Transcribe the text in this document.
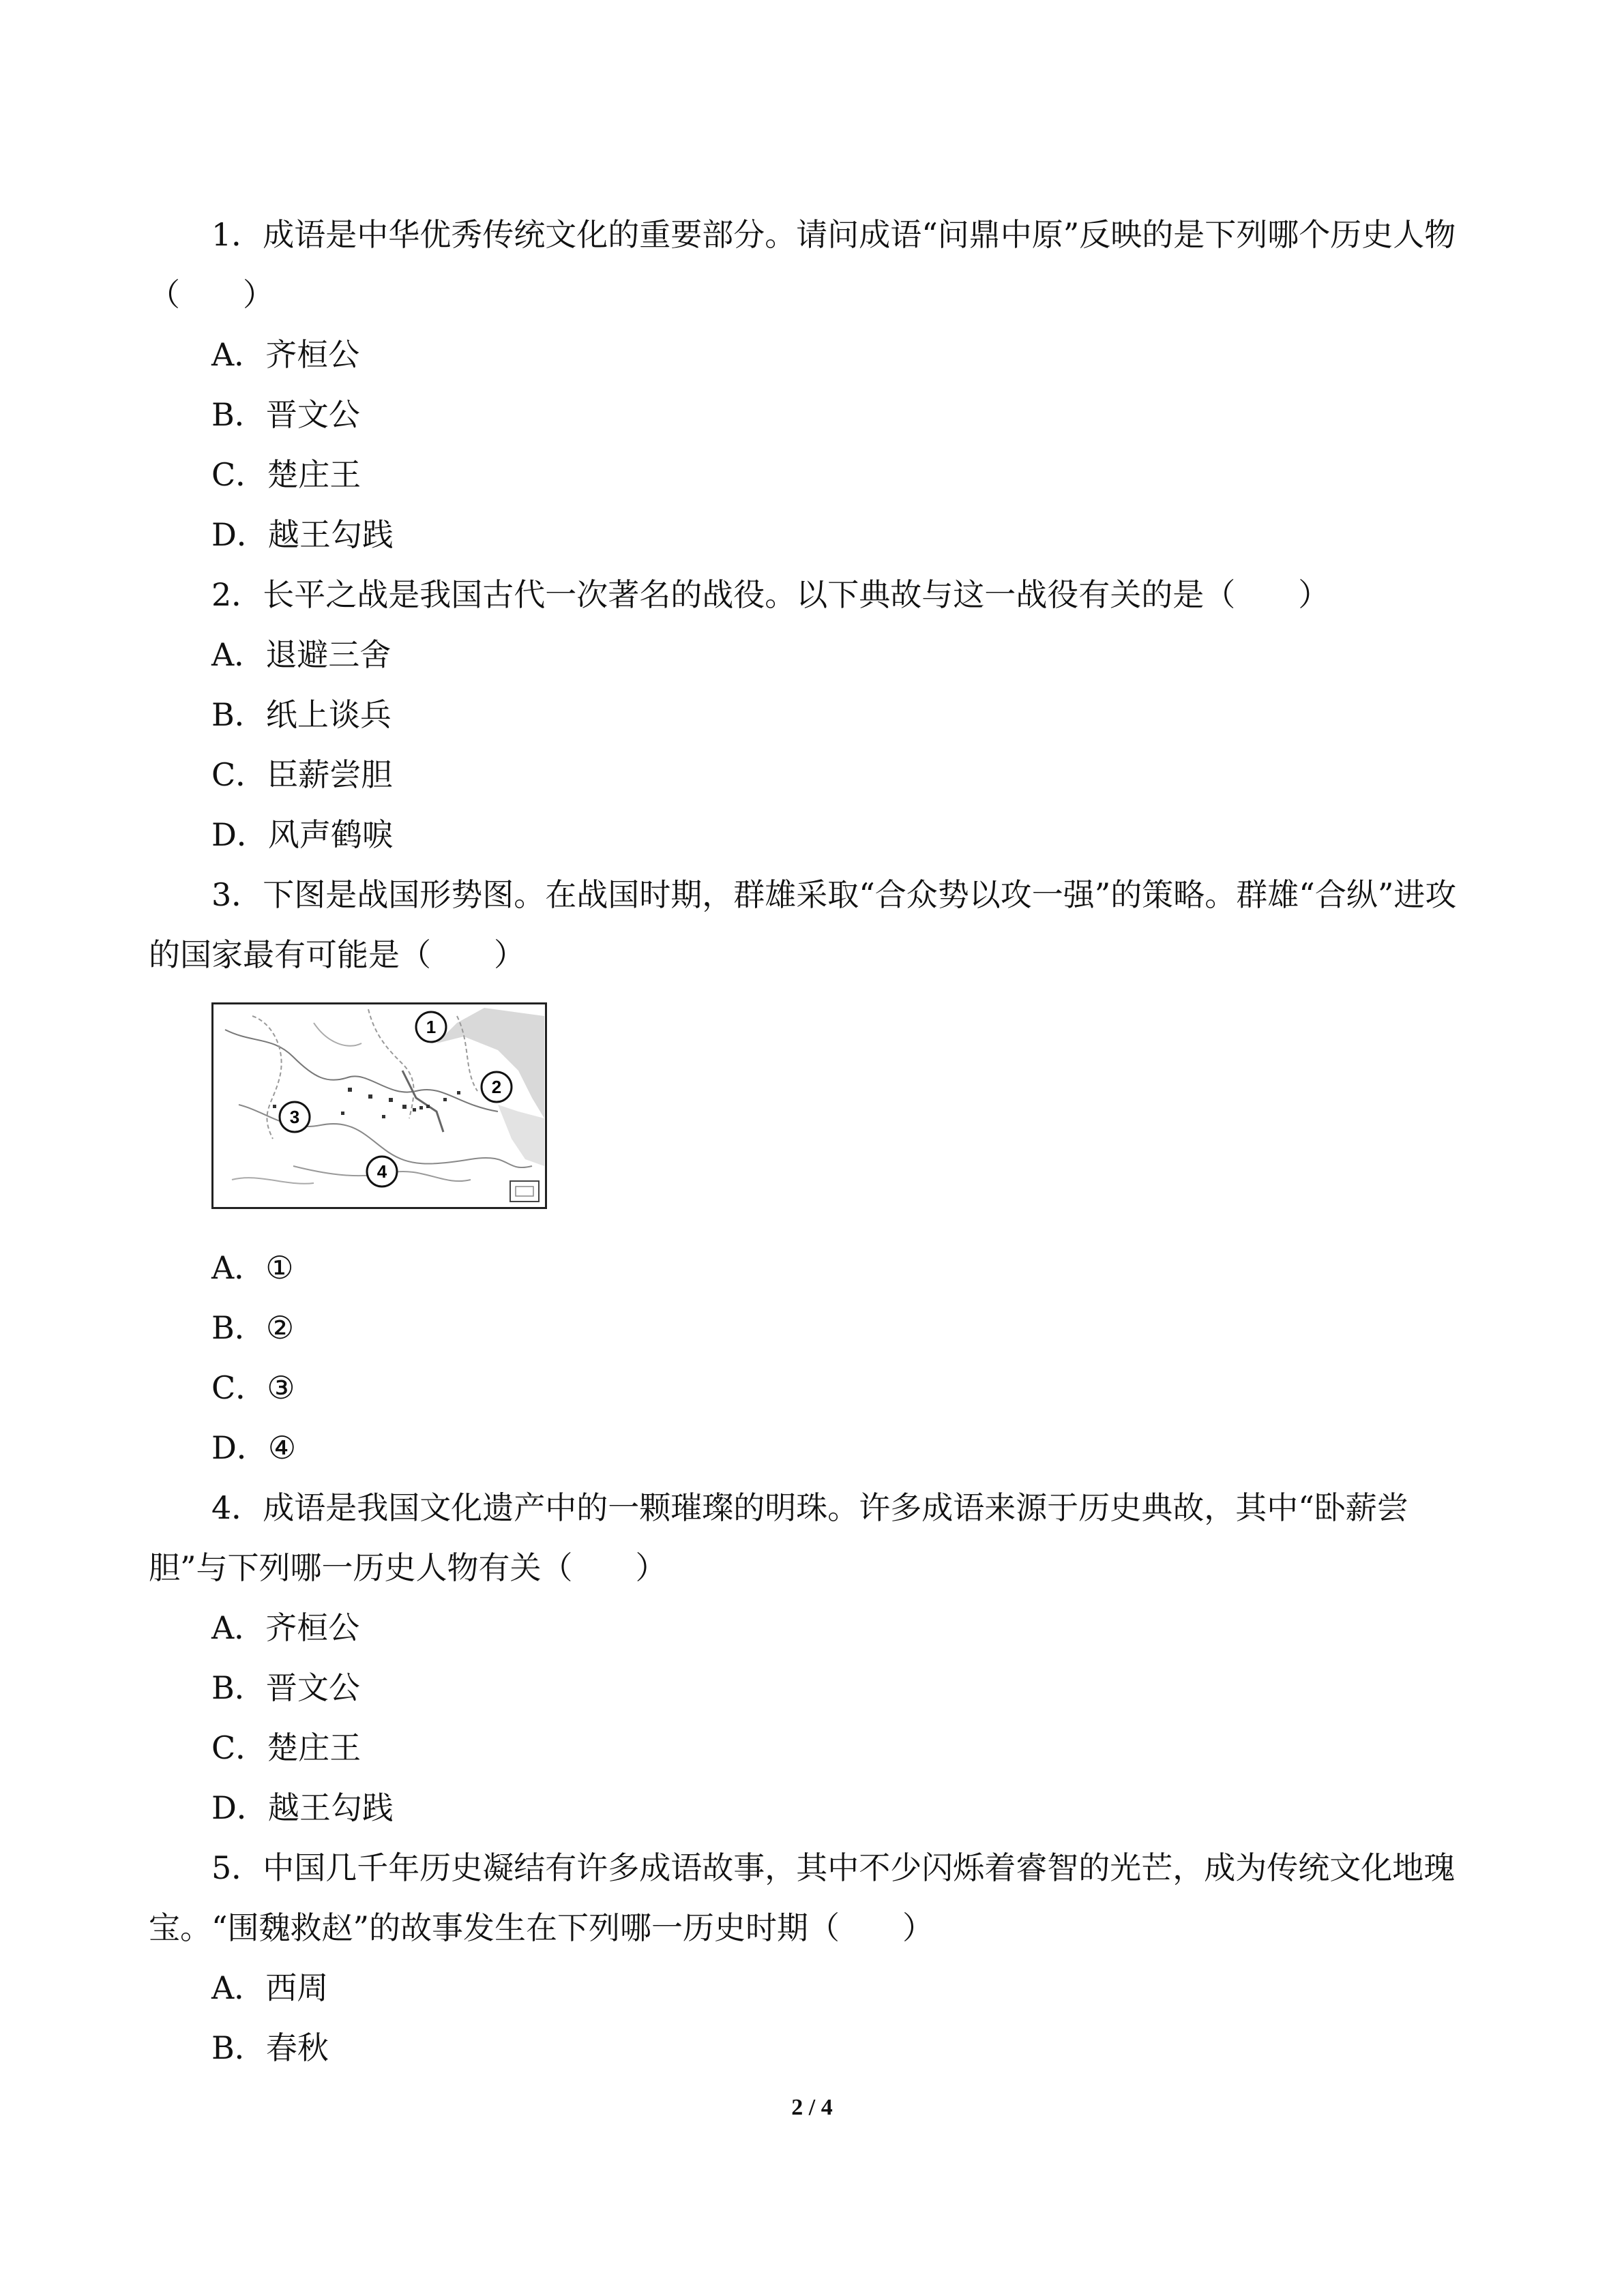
1．成语是中华优秀传统文化的重要部分。请问成语“问鼎中原”反映的是下列哪个历史人物（　　）

A．齐桓公

B．晋文公

C．楚庄王

D．越王勾践

2．长平之战是我国古代一次著名的战役。以下典故与这一战役有关的是（　　）

A．退避三舍

B．纸上谈兵

C．臣薪尝胆

D．风声鹤唳

3．下图是战国形势图。在战国时期，群雄采取“合众势以攻一强”的策略。群雄“合纵”进攻的国家最有可能是（　　）

1
2
3
4

A．①

B．②

C．③

D．④

4．成语是我国文化遗产中的一颗璀璨的明珠。许多成语来源于历史典故，其中“卧薪尝胆”与下列哪一历史人物有关（　　）

A．齐桓公

B．晋文公

C．楚庄王

D．越王勾践

5．中国几千年历史凝结有许多成语故事，其中不少闪烁着睿智的光芒，成为传统文化地瑰宝。“围魏救赵”的故事发生在下列哪一历史时期（　　）

A．西周

B．春秋

2 / 4
